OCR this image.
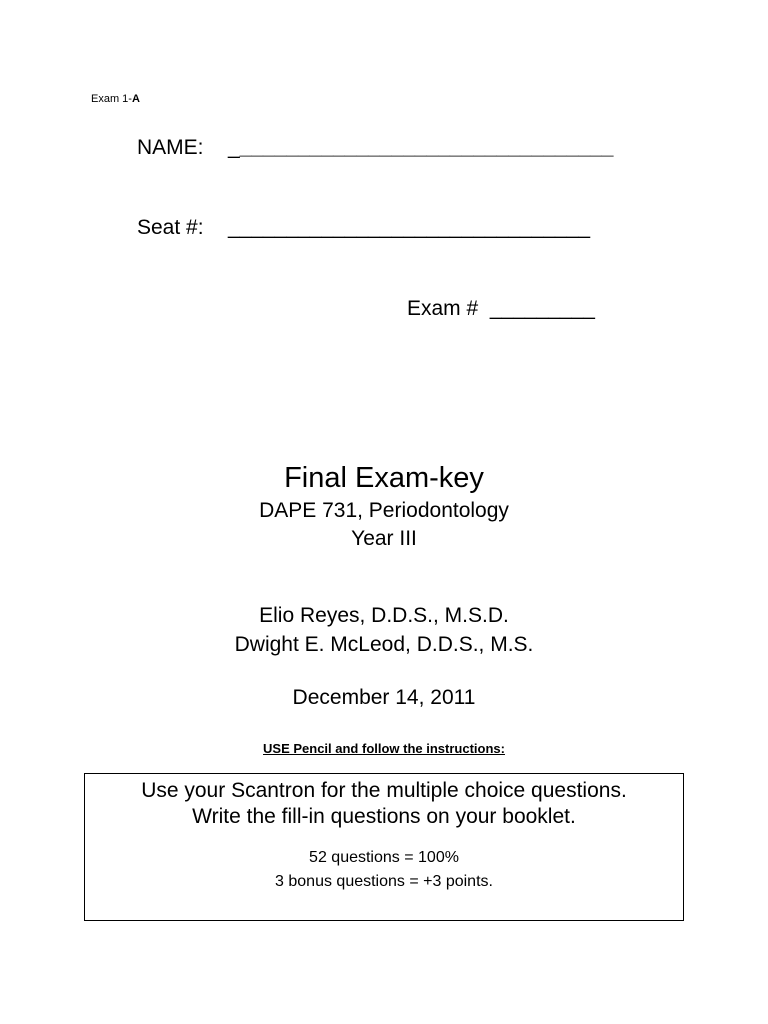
Exam 1-A
NAME: _________________________________
Seat #: _______________________________
Exam # _________
Final Exam-key
DAPE 731, Periodontology
Year III
Elio Reyes, D.D.S., M.S.D.
Dwight E. McLeod, D.D.S., M.S.
December 14, 2011
USE Pencil and follow the instructions:
Use your Scantron for the multiple choice questions.
Write the fill-in questions on your booklet.
52 questions = 100%
3 bonus questions = +3 points.
